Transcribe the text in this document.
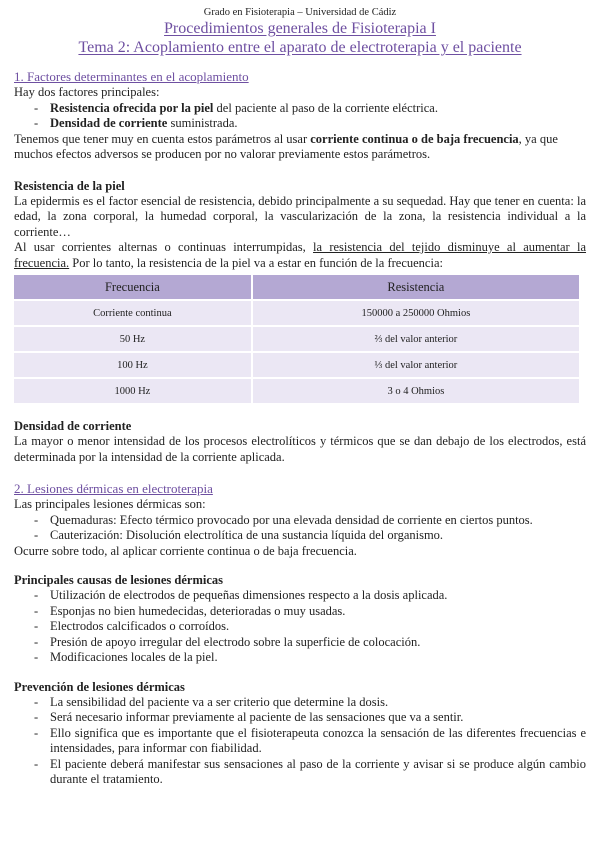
Grado en Fisioterapia – Universidad de Cádiz
Procedimientos generales de Fisioterapia I
Tema 2: Acoplamiento entre el aparato de electroterapia y el paciente
1. Factores determinantes en el acoplamiento

Hay dos factores principales:

- Resistencia ofrecida por la piel del paciente al paso de la corriente eléctrica.
- Densidad de corriente suministrada.

Tenemos que tener muy en cuenta estos parámetros al usar corriente continua o de baja frecuencia, ya que muchos efectos adversos se producen por no valorar previamente estos parámetros.

Resistencia de la piel

La epidermis es el factor esencial de resistencia, debido principalmente a su sequedad. Hay que tener en cuenta: la edad, la zona corporal, la humedad corporal, la vascularización de la zona, la resistencia individual a la corriente…

Al usar corrientes alternas o continuas interrumpidas, la resistencia del tejido disminuye al aumentar la frecuencia. Por lo tanto, la resistencia de la piel va a estar en función de la frecuencia:

Frecuencia	Resistencia
Corriente continua	150000 a 250000 Ohmios
50 Hz	⅔ del valor anterior
100 Hz	⅓ del valor anterior
1000 Hz	3 o 4 Ohmios
Densidad de corriente

La mayor o menor intensidad de los procesos electrolíticos y térmicos que se dan debajo de los electrodos, está determinada por la intensidad de la corriente aplicada.

2. Lesiones dérmicas en electroterapia

Las principales lesiones dérmicas son:

- Quemaduras: Efecto térmico provocado por una elevada densidad de corriente en ciertos puntos.
- Cauterización: Disolución electrolítica de una sustancia líquida del organismo.

Ocurre sobre todo, al aplicar corriente continua o de baja frecuencia.

Principales causas de lesiones dérmicas
- Utilización de electrodos de pequeñas dimensiones respecto a la dosis aplicada.
- Esponjas no bien humedecidas, deterioradas o muy usadas.
- Electrodos calcificados o corroídos.
- Presión de apoyo irregular del electrodo sobre la superficie de colocación.
- Modificaciones locales de la piel.
Prevención de lesiones dérmicas
- La sensibilidad del paciente va a ser criterio que determine la dosis.
- Será necesario informar previamente al paciente de las sensaciones que va a sentir.
- Ello significa que es importante que el fisioterapeuta conozca la sensación de las diferentes frecuencias e intensidades, para informar con fiabilidad.
- El paciente deberá manifestar sus sensaciones al paso de la corriente y avisar si se produce algún cambio durante el tratamiento.
